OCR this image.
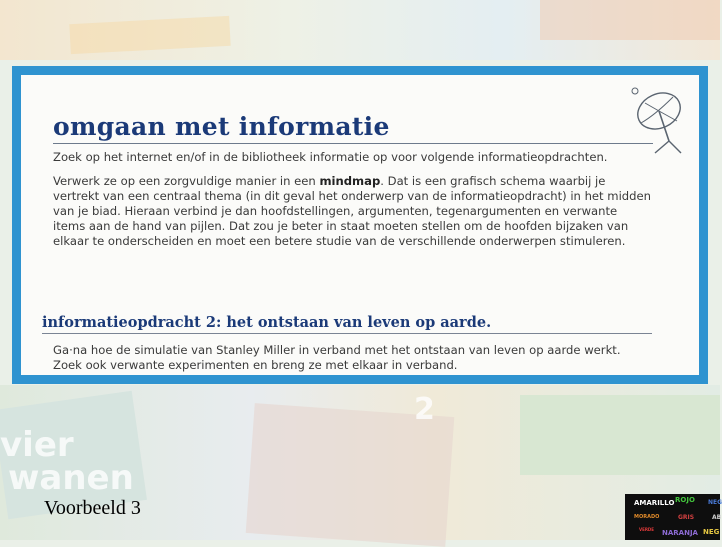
vier
wanen
2
omgaan met informatie

Zoek op het internet en/of in de bibliotheek informatie op voor volgende informatieopdrachten.

Verwerk ze op een zorgvuldige manier in een mindmap. Dat is een grafisch schema waarbij je vertrekt van een centraal thema (in dit geval het onderwerp van de informatieopdracht) in het midden van je biad. Hieraan verbind je dan hoofdstellingen, argumenten, tegenargumenten en verwante items aan de hand van pijlen. Dat zou je beter in staat moeten stellen om de hoofden bijzaken van elkaar te onderscheiden en moet een betere studie van de verschillende onderwerpen stimuleren.

informatieopdracht 2: het ontstaan van leven op aarde.

Ga·na hoe de simulatie van Stanley Miller in verband met het ontstaan van leven op aarde werkt. Zoek ook verwante experimenten en breng ze met elkaar in verband.

Voorbeeld 3	AMARILLO ROJO NEG
MORADO	GRIS	AB
VERDE NARANJA NEG
